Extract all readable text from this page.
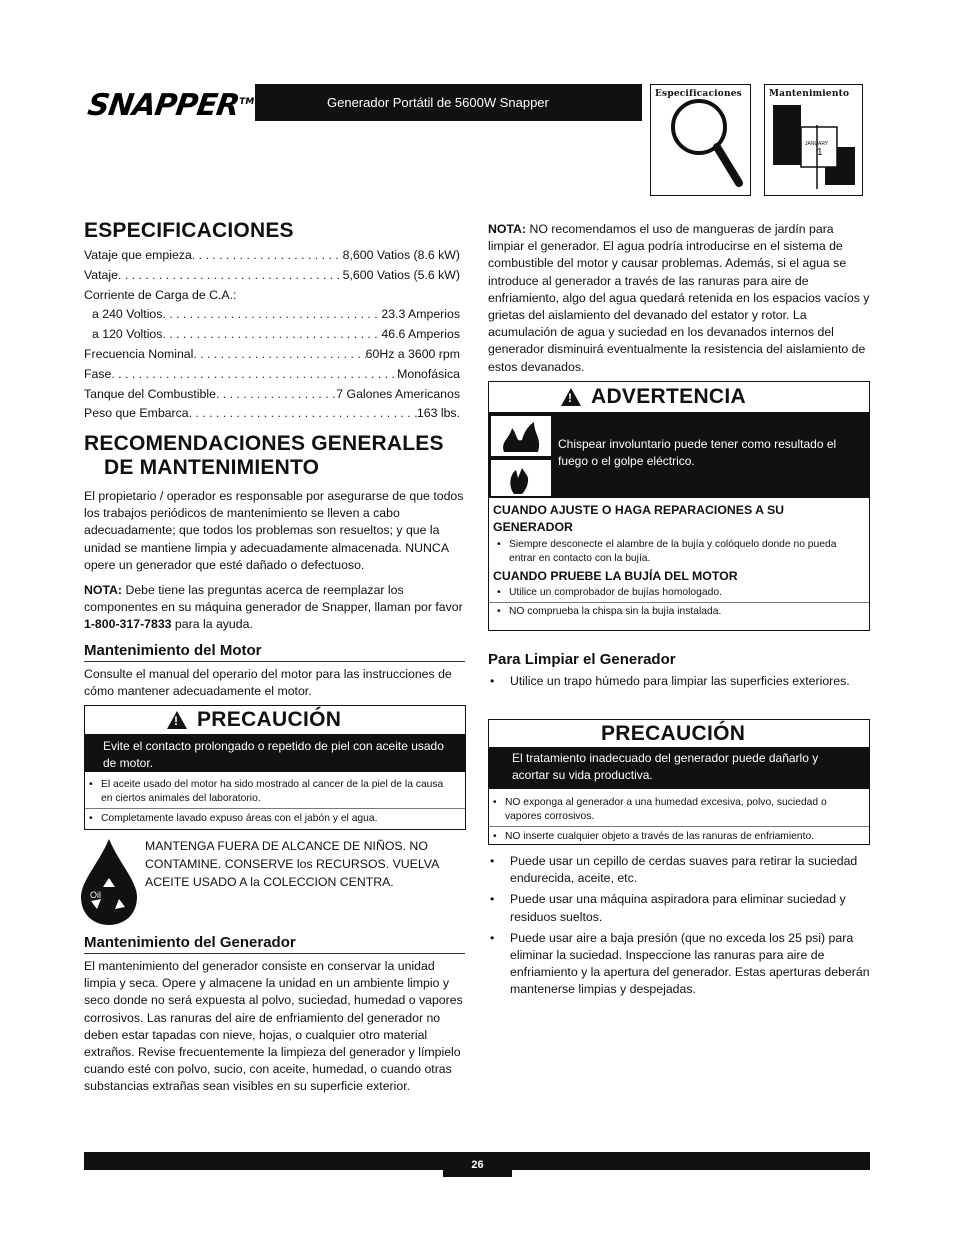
SNAPPER™	Generador Portátil de 5600W Snapper
Especificaciones	Mantenimiento
JANUARY
1
ESPECIFICACIONES
Vataje que empieza . . .	8,600 Vatios (8.6 kW)
Vataje . . .	5,600 Vatios (5.6 kW)
Corriente de Carga de C.A.:
a 240 Voltios . . .	23.3 Amperios
a 120 Voltios . . .	46.6 Amperios
Frecuencia Nominal . . .	60Hz a 3600 rpm
Fase . . .	Monofásica
Tanque del Combustible . . .	7 Galones Americanos
Peso que Embarca . . .	163 lbs.
RECOMENDACIONES GENERALES
DE MANTENIMIENTO
El propietario / operador es responsable por asegurarse de que todos los trabajos periódicos de mantenimiento se lleven a cabo adecuadamente; que todos los problemas son resueltos; y que la unidad se mantiene limpia y adecuadamente almacenada. NUNCA opere un generador que esté dañado o defectuoso.
NOTA: Debe tiene las preguntas acerca de reemplazar los componentes en su máquina generador de Snapper, llaman por favor 1-800-317-7833 para la ayuda.
Mantenimiento del Motor
Consulte el manual del operario del motor para las instrucciones de cómo mantener adecuadamente el motor.
!
PRECAUCIÓN
Evite el contacto prolongado o repetido de piel con aceite usado de motor.
• El aceite usado del motor ha sido mostrado al cancer de la piel de la causa en ciertos animales del laboratorio.
• Completamente lavado expuso áreas con el jabón y el agua.
Oil
MANTENGA FUERA DE ALCANCE DE NIÑOS. NO CONTAMINE. CONSERVE los RECURSOS. VUELVA ACEITE USADO A la COLECCION CENTRA.
Mantenimiento del Generador
El mantenimiento del generador consiste en conservar la unidad limpia y seca. Opere y almacene la unidad en un ambiente limpio y seco donde no será expuesta al polvo, suciedad, humedad o vapores corrosivos. Las ranuras del aire de enfriamiento del generador no deben estar tapadas con nieve, hojas, o cualquier otro material extraños. Revise frecuentemente la limpieza del generador y límpielo cuando esté con polvo, sucio, con aceite, humedad, o cuando otras substancias extrañas sean visibles en su superficie exterior.
NOTA: NO recomendamos el uso de mangueras de jardín para limpiar el generador. El agua podría introducirse en el sistema de combustible del motor y causar problemas. Además, si el agua se introduce al generador a través de las ranuras para aire de enfriamiento, algo del agua quedará retenida en los espacios vacíos y grietas del aislamiento del devanado del estator y rotor. La acumulación de agua y suciedad en los devanados internos del generador disminuirá eventualmente la resistencia del aislamiento de estos devanados.
!
ADVERTENCIA
Chispear involuntario puede tener como resultado el fuego o el golpe eléctrico.
CUANDO AJUSTE O HAGA REPARACIONES A SU GENERADOR
• Siempre desconecte el alambre de la bujía y colóquelo donde no pueda entrar en contacto con la bujía.
CUANDO PRUEBE LA BUJÍA DEL MOTOR
• Utilice un comprobador de bujías homologado.
• NO comprueba la chispa sin la bujía instalada.
Para Limpiar el Generador
• Utilice un trapo húmedo para limpiar las superficies exteriores.
PRECAUCIÓN
El tratamiento inadecuado del generador puede dañarlo y acortar su vida productiva.
• NO exponga al generador a una humedad excesiva, polvo, suciedad o vapores corrosivos.
• NO inserte cualquier objeto a través de las ranuras de enfriamiento.
• Puede usar un cepillo de cerdas suaves para retirar la suciedad endurecida, aceite, etc.
• Puede usar una máquina aspiradora para eliminar suciedad y residuos sueltos.
• Puede usar aire a baja presión (que no exceda los 25 psi) para eliminar la suciedad. Inspeccione las ranuras para aire de enfriamiento y la apertura del generador. Estas aperturas deberán mantenerse limpias y despejadas.
26
